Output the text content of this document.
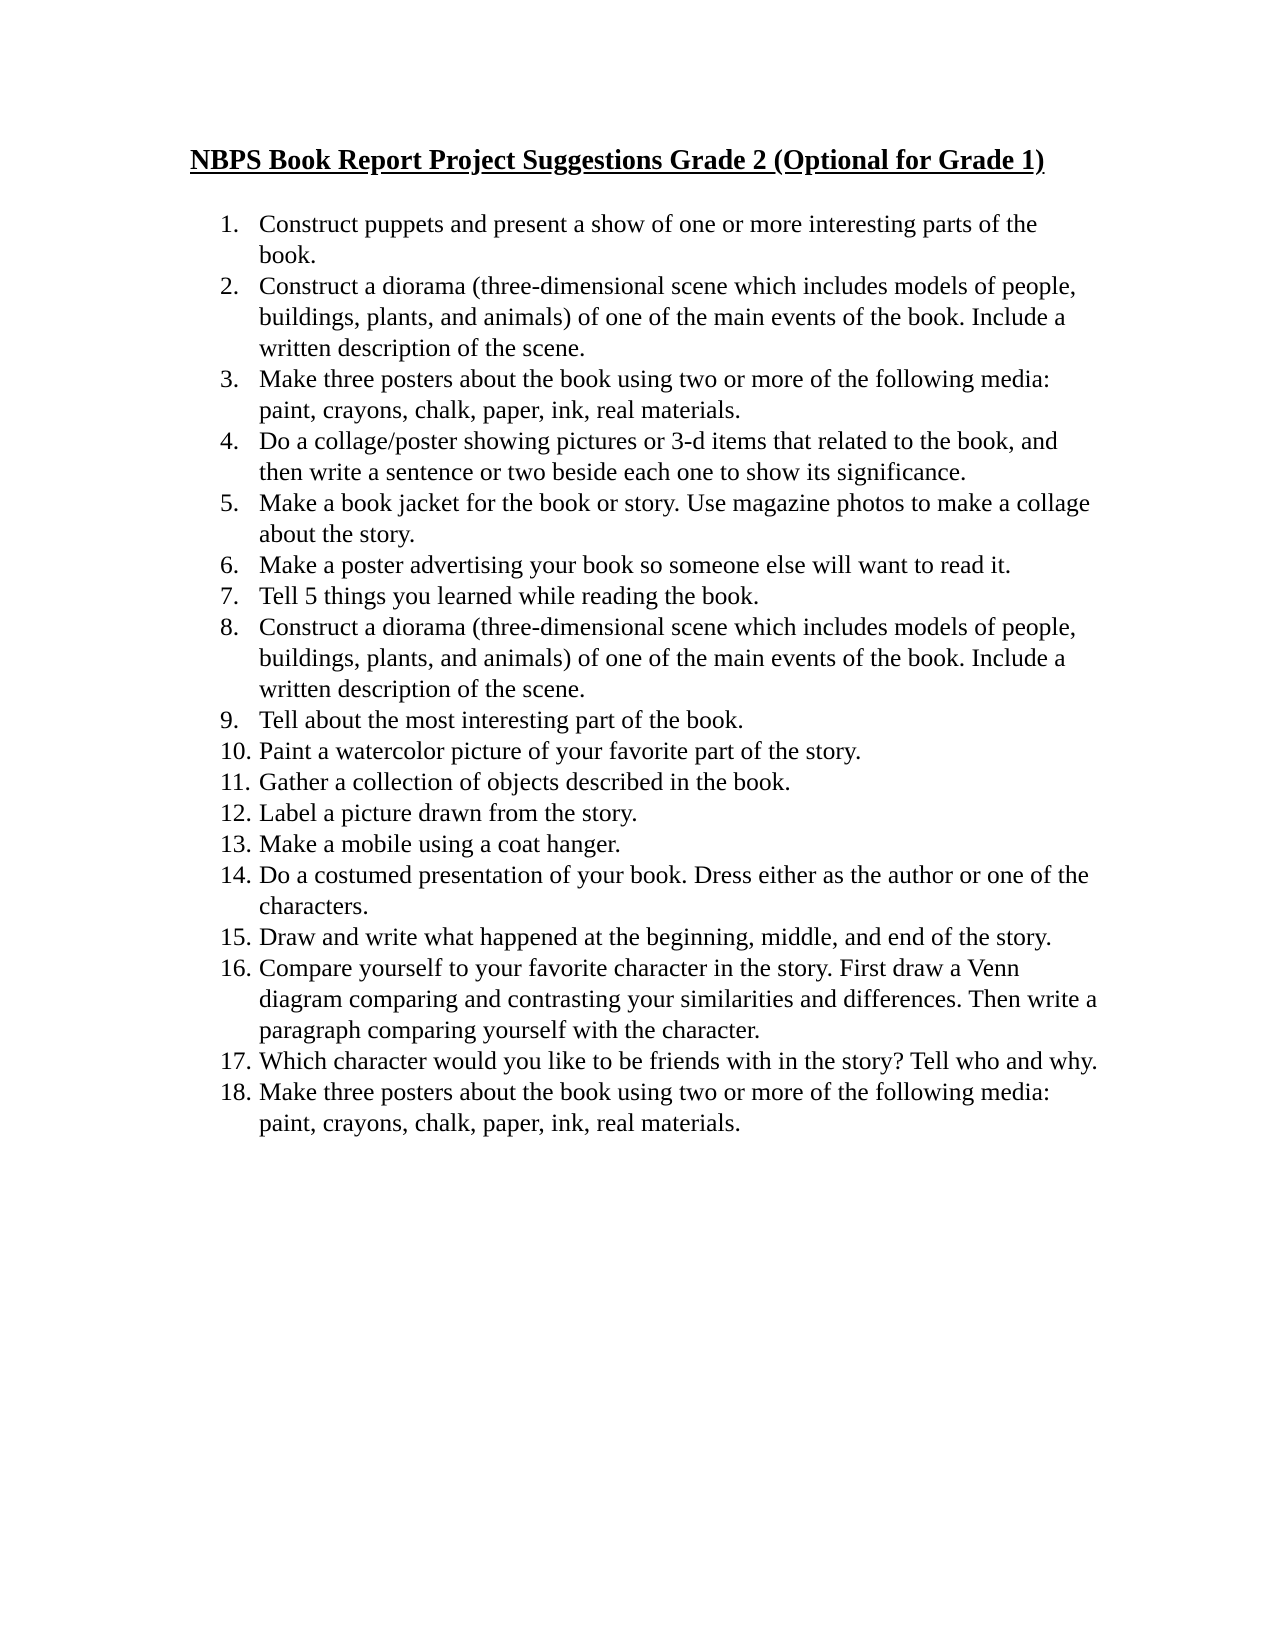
NBPS Book Report Project Suggestions Grade 2 (Optional for Grade 1)
1. Construct puppets and present a show of one or more interesting parts of the book.
2. Construct a diorama (three-dimensional scene which includes models of people, buildings, plants, and animals) of one of the main events of the book. Include a written description of the scene.
3. Make three posters about the book using two or more of the following media: paint, crayons, chalk, paper, ink, real materials.
4. Do a collage/poster showing pictures or 3-d items that related to the book, and then write a sentence or two beside each one to show its significance.
5. Make a book jacket for the book or story. Use magazine photos to make a collage about the story.
6. Make a poster advertising your book so someone else will want to read it.
7. Tell 5 things you learned while reading the book.
8. Construct a diorama (three-dimensional scene which includes models of people, buildings, plants, and animals) of one of the main events of the book. Include a written description of the scene.
9. Tell about the most interesting part of the book.
10. Paint a watercolor picture of your favorite part of the story.
11. Gather a collection of objects described in the book.
12. Label a picture drawn from the story.
13. Make a mobile using a coat hanger.
14. Do a costumed presentation of your book. Dress either as the author or one of the characters.
15. Draw and write what happened at the beginning, middle, and end of the story.
16. Compare yourself to your favorite character in the story. First draw a Venn diagram comparing and contrasting your similarities and differences. Then write a paragraph comparing yourself with the character.
17. Which character would you like to be friends with in the story? Tell who and why.
18. Make three posters about the book using two or more of the following media: paint, crayons, chalk, paper, ink, real materials.
